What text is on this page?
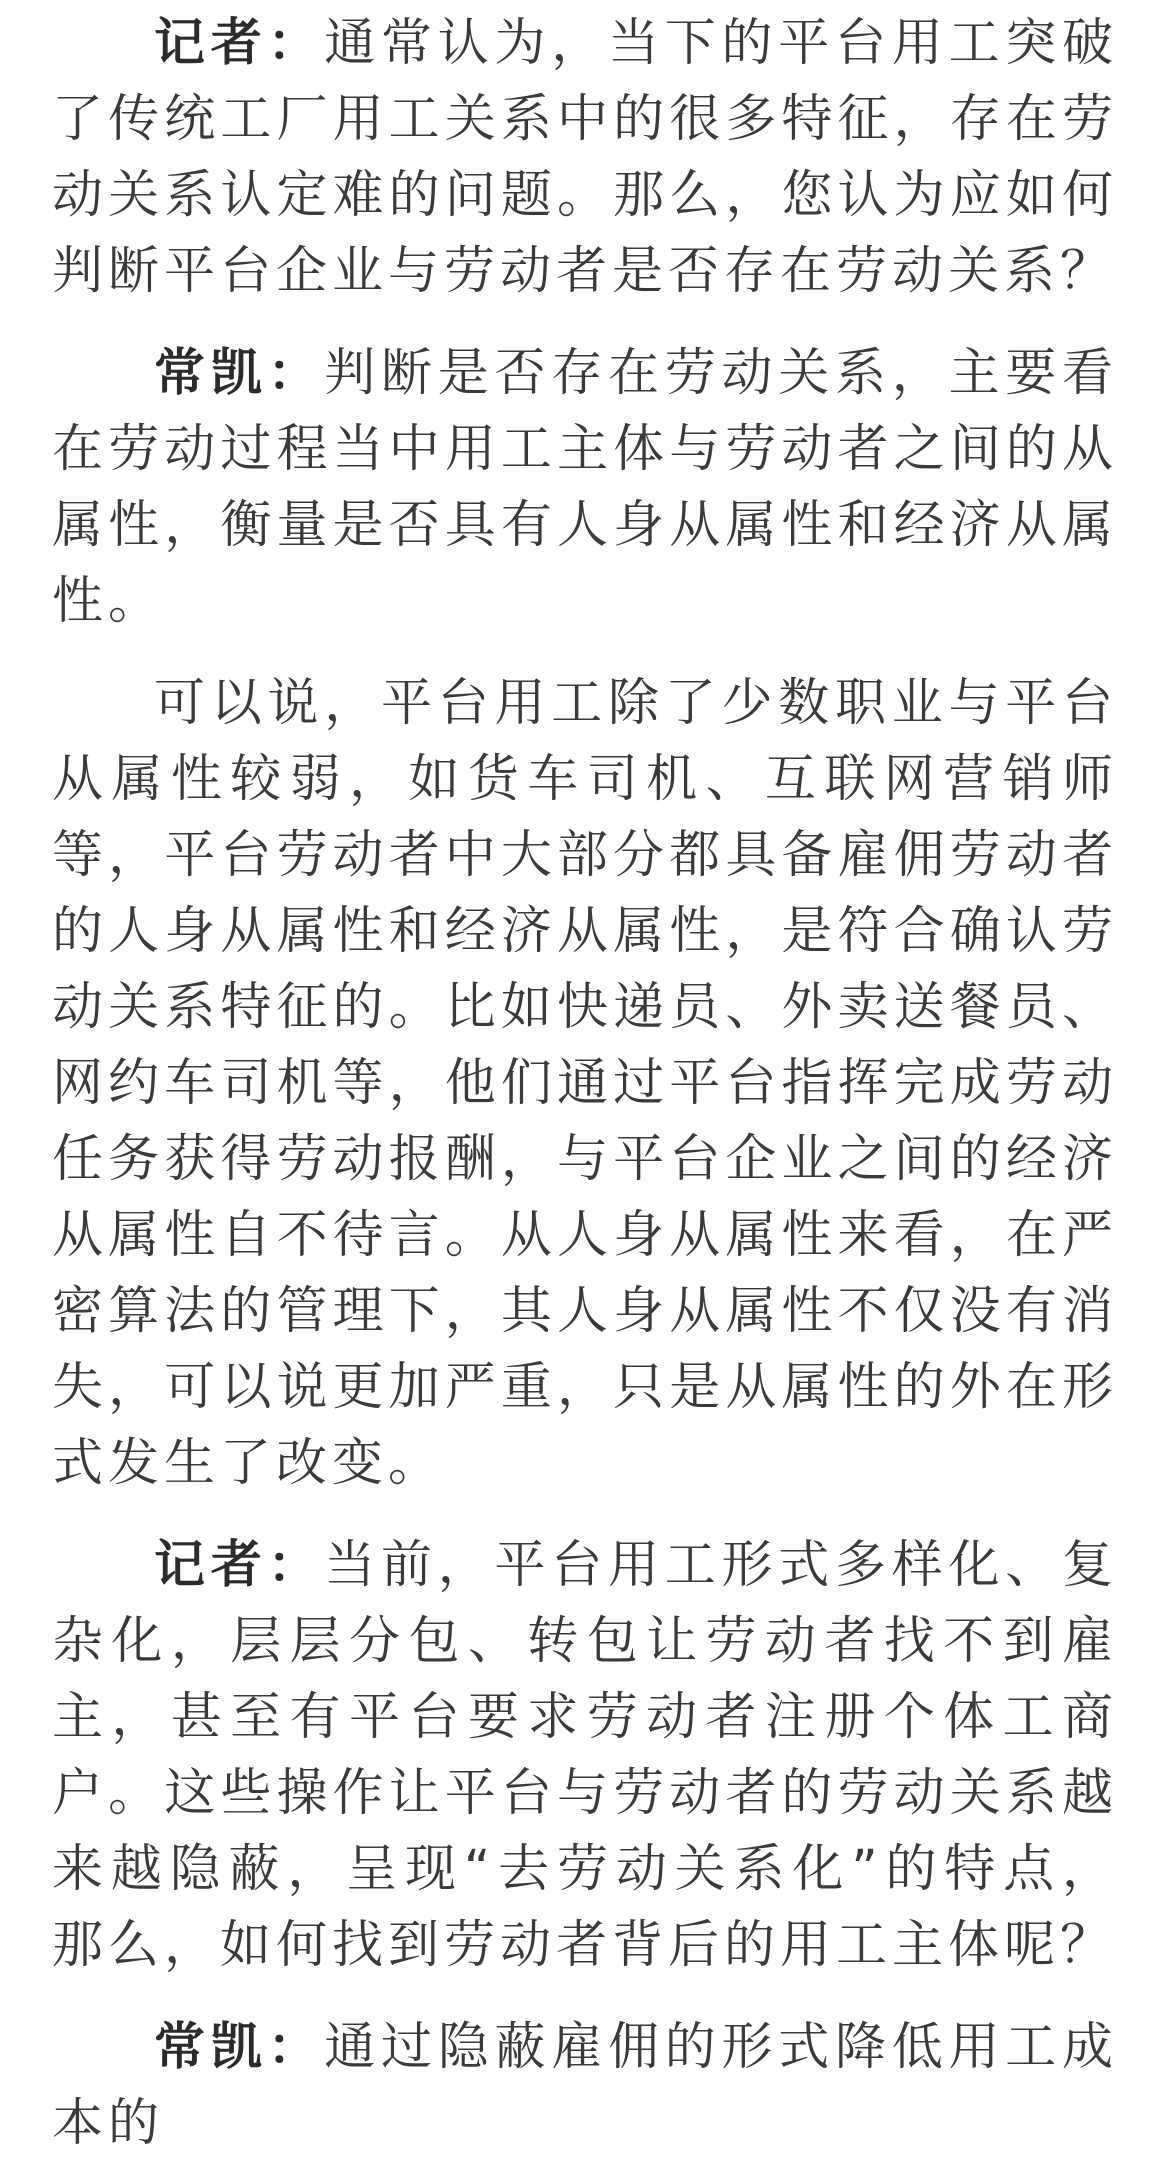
记者：通常认为，当下的平台用工突破了传统工厂用工关系中的很多特征，存在劳动关系认定难的问题。那么，您认为应如何判断平台企业与劳动者是否存在劳动关系？

常凯：判断是否存在劳动关系，主要看在劳动过程当中用工主体与劳动者之间的从属性，衡量是否具有人身从属性和经济从属性。

可以说，平台用工除了少数职业与平台从属性较弱，如货车司机、互联网营销师等，平台劳动者中大部分都具备雇佣劳动者的人身从属性和经济从属性，是符合确认劳动关系特征的。比如快递员、外卖送餐员、网约车司机等，他们通过平台指挥完成劳动任务获得劳动报酬，与平台企业之间的经济从属性自不待言。从人身从属性来看，在严密算法的管理下，其人身从属性不仅没有消失，可以说更加严重，只是从属性的外在形式发生了改变。

记者：当前，平台用工形式多样化、复杂化，层层分包、转包让劳动者找不到雇主，甚至有平台要求劳动者注册个体工商户。这些操作让平台与劳动者的劳动关系越来越隐蔽，呈现“去劳动关系化”的特点，那么，如何找到劳动者背后的用工主体呢？

常凯：通过隐蔽雇佣的形式降低用工成本的
